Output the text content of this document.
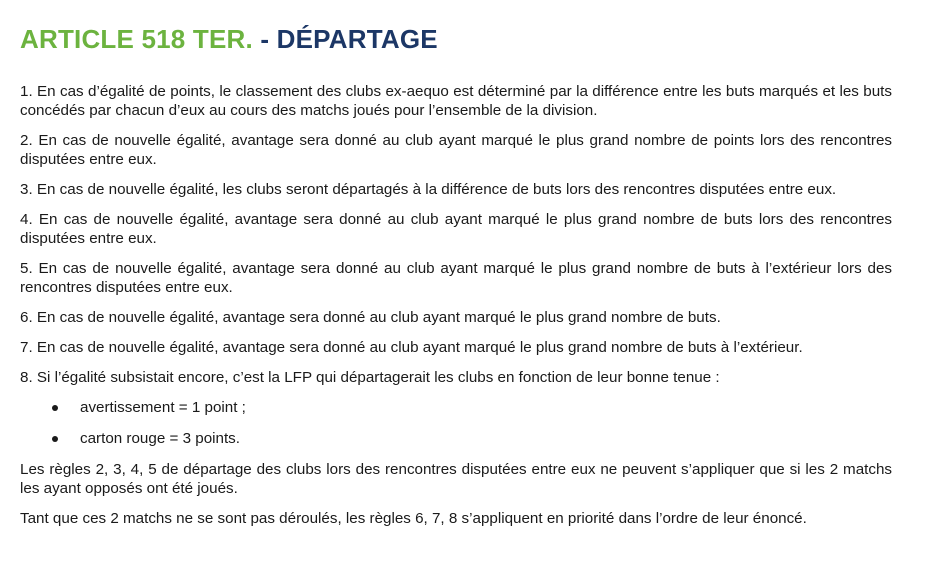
ARTICLE 518 TER. - DÉPARTAGE

1. En cas d’égalité de points, le classement des clubs ex-aequo est déterminé par la différence entre les buts marqués et les buts concédés par chacun d’eux au cours des matchs joués pour l’ensemble de la division.

2. En cas de nouvelle égalité, avantage sera donné au club ayant marqué le plus grand nombre de points lors des rencontres disputées entre eux.

3. En cas de nouvelle égalité, les clubs seront départagés à la différence de buts lors des rencontres disputées entre eux.

4. En cas de nouvelle égalité, avantage sera donné au club ayant marqué le plus grand nombre de buts lors des rencontres disputées entre eux.

5. En cas de nouvelle égalité, avantage sera donné au club ayant marqué le plus grand nombre de buts à l’extérieur lors des rencontres disputées entre eux.

6. En cas de nouvelle égalité, avantage sera donné au club ayant marqué le plus grand nombre de buts.

7. En cas de nouvelle égalité, avantage sera donné au club ayant marqué le plus grand nombre de buts à l’extérieur.

8. Si l’égalité subsistait encore, c’est la LFP qui départagerait les clubs en fonction de leur bonne tenue :

avertissement = 1 point ;
carton rouge = 3 points.

Les règles 2, 3, 4, 5 de départage des clubs lors des rencontres disputées entre eux ne peuvent s’appliquer que si les 2 matchs les ayant opposés ont été joués.

Tant que ces 2 matchs ne se sont pas déroulés, les règles 6, 7, 8 s’appliquent en priorité dans l’ordre de leur énoncé.
